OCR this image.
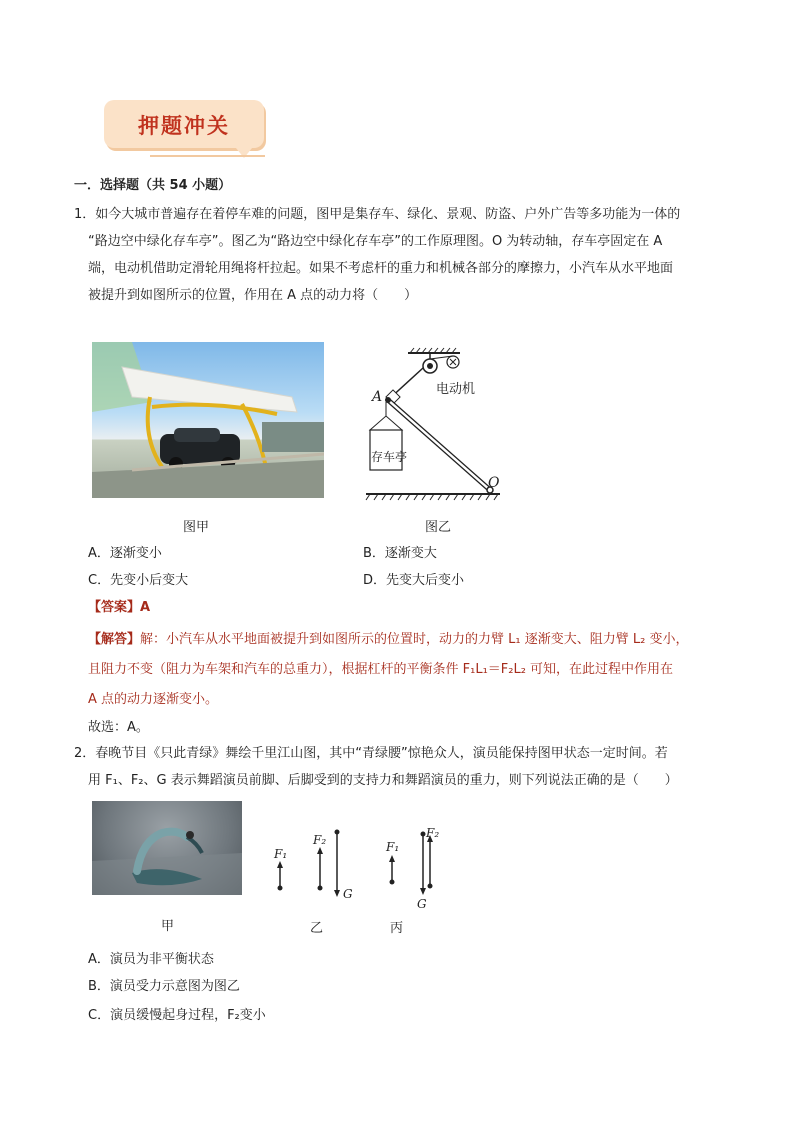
押题冲关
一．选择题（共 54 小题）
1．如今大城市普遍存在着停车难的问题，图甲是集存车、绿化、景观、防盗、户外广告等多功能为一体的
“路边空中绿化存车亭”。图乙为“路边空中绿化存车亭”的工作原理图。O 为转动轴，存车亭固定在 A
端，电动机借助定滑轮用绳将杆拉起。如果不考虑杆的重力和机械各部分的摩擦力，小汽车从水平地面
被提升到如图所示的位置，作用在 A 点的动力将（　　）
图甲
A
O
电动机
存车亭
图乙
A．逐渐变小	B．逐渐变大
C．先变小后变大	D．先变大后变小
【答案】A
【解答】解：小汽车从水平地面被提升到如图所示的位置时，动力的力臂 L₁ 逐渐变大、阻力臂 L₂ 变小，
且阻力不变（阻力为车架和汽车的总重力），根据杠杆的平衡条件 F₁L₁＝F₂L₂ 可知，在此过程中作用在
A 点的动力逐渐变小。
故选：A。
2．春晚节目《只此青绿》舞绘千里江山图，其中“青绿腰”惊艳众人，演员能保持图甲状态一定时间。若
用 F₁、F₂、G 表示舞蹈演员前脚、后脚受到的支持力和舞蹈演员的重力，则下列说法正确的是（　　）
甲
F₁
F₂
G
乙
F₁
F₂
G
丙
A．演员为非平衡状态
B．演员受力示意图为图乙
C．演员缓慢起身过程，F₂变小
